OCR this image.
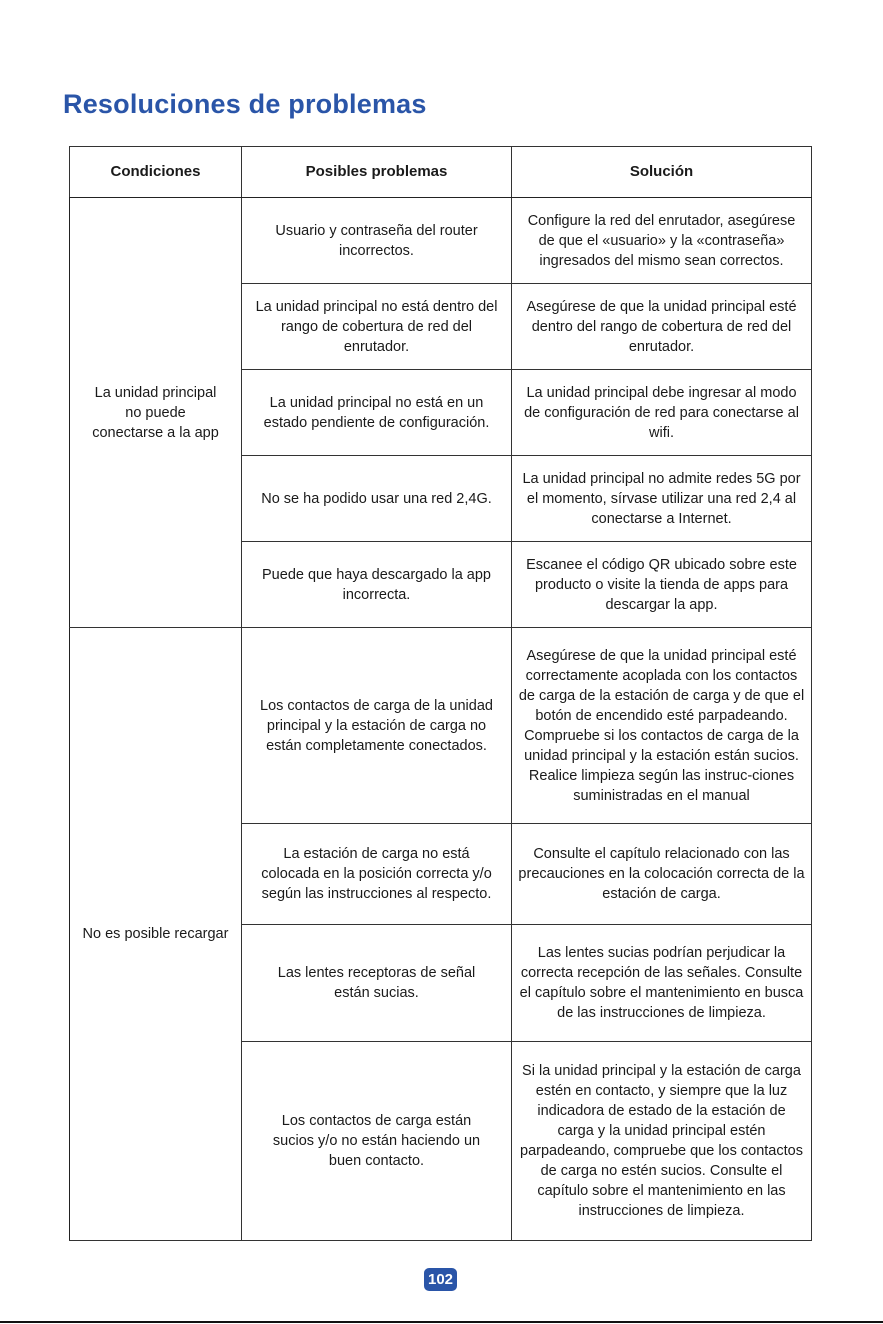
Resoluciones de problemas
Condiciones	Posibles problemas	Solución
La unidad principal no puede conectarse a la app	Usuario y contraseña del router incorrectos.	Configure la red del enrutador, asegúrese de que el «usuario» y la «contraseña» ingresados del mismo sean correctos.
	La unidad principal no está dentro del rango de cobertura de red del enrutador.	Asegúrese de que la unidad principal esté dentro del rango de cobertura de red del enrutador.
	La unidad principal no está en un estado pendiente de configuración.	La unidad principal debe ingresar al modo de configuración de red para conectarse al wifi.
	No se ha podido usar una red 2,4G.	La unidad principal no admite redes 5G por el momento, sírvase utilizar una red 2,4 al conectarse a Internet.
	Puede que haya descargado la app incorrecta.	Escanee el código QR ubicado sobre este producto o visite la tienda de apps para descargar la app.
No es posible recargar	Los contactos de carga de la unidad principal y la estación de carga no están completamente conectados.	Asegúrese de que la unidad principal esté correctamente acoplada con los contactos de carga de la estación de carga y de que el botón de encendido esté parpadeando. Compruebe si los contactos de carga de la unidad principal y la estación están sucios. Realice limpieza según las instruc-ciones suministradas en el manual
	La estación de carga no está colocada en la posición correcta y/o según las instrucciones al respecto.	Consulte el capítulo relacionado con las precauciones en la colocación correcta de la estación de carga.
	Las lentes receptoras de señal están sucias.	Las lentes sucias podrían perjudicar la correcta recepción de las señales. Consulte el capítulo sobre el mantenimiento en busca de las instrucciones de limpieza.
	Los contactos de carga están sucios y/o no están haciendo un buen contacto.	Si la unidad principal y la estación de carga estén en contacto, y siempre que la luz indicadora de estado de la estación de carga y la unidad principal estén parpadeando, compruebe que los contactos de carga no estén sucios. Consulte el capítulo sobre el mantenimiento en las instrucciones de limpieza.
102
